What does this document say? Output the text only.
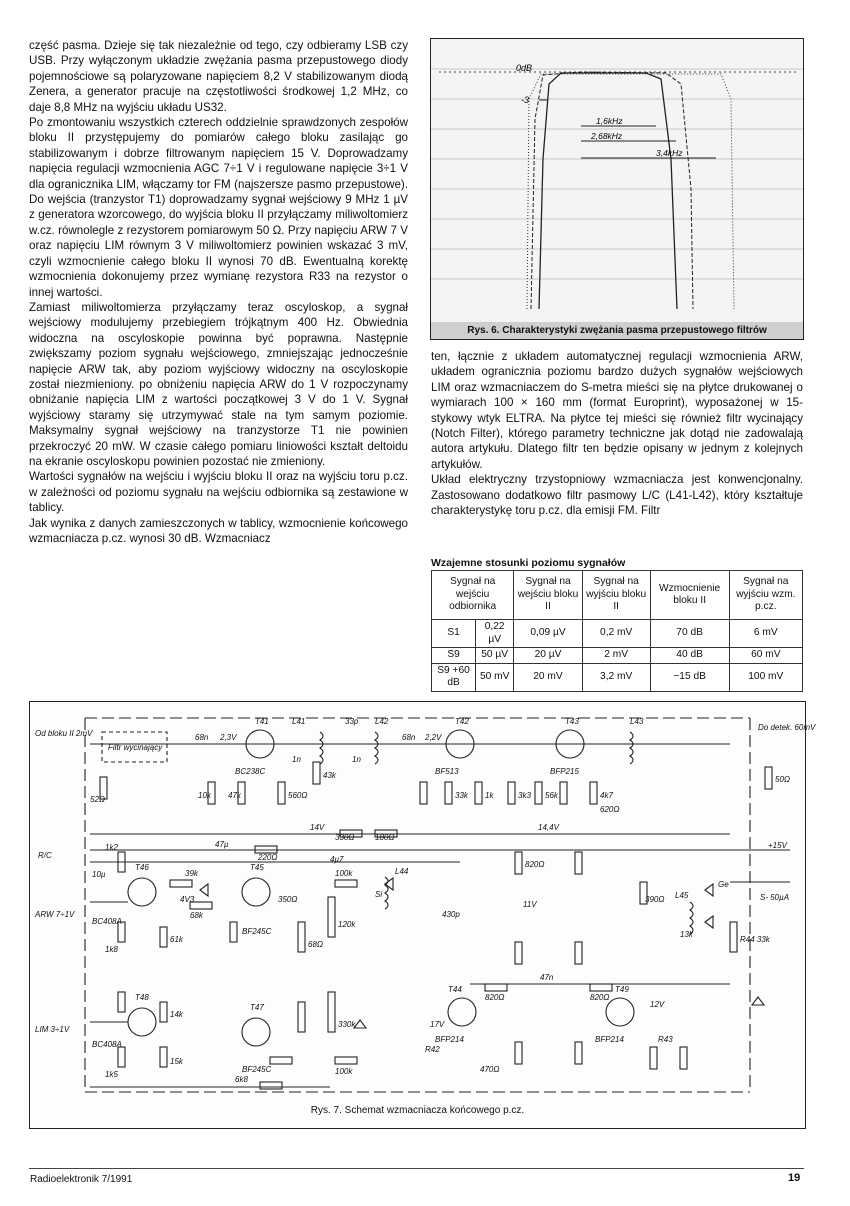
część pasma. Dzieje się tak niezależnie od tego, czy odbieramy LSB czy USB. Przy wyłączonym układzie zwężania pasma przepustowego diody pojemnościowe są polaryzowane napięciem 8,2 V stabilizowanym diodą Zenera, a generator pracuje na częstotliwości środkowej 1,2 MHz, co daje 8,8 MHz na wyjściu układu US32.

Po zmontowaniu wszystkich czterech oddzielnie sprawdzonych zespołów bloku II przystępujemy do pomiarów całego bloku zasilając go stabilizowanym i dobrze filtrowanym napięciem 15 V. Doprowadzamy napięcia regulacji wzmocnienia AGC 7÷1 V i regulowane napięcie 3÷1 V dla ogranicznika LIM, włączamy tor FM (najszersze pasmo przepustowe). Do wejścia (tranzystor T1) doprowadzamy sygnał wejściowy 9 MHz 1 µV z generatora wzorcowego, do wyjścia bloku II przyłączamy miliwoltomierz w.cz. równolegle z rezystorem pomiarowym 50 Ω. Przy napięciu ARW 7 V oraz napięciu LIM równym 3 V miliwoltomierz powinien wskazać 3 mV, czyli wzmocnienie całego bloku II wynosi 70 dB. Ewentualną korektę wzmocnienia dokonujemy przez wymianę rezystora R33 na rezystor o innej wartości.

Zamiast miliwoltomierza przyłączamy teraz oscyloskop, a sygnał wejściowy modulujemy przebiegiem trójkątnym 400 Hz. Obwiednia widoczna na oscyloskopie powinna być poprawna. Następnie zwiększamy poziom sygnału wejściowego, zmniejszając jednocześnie napięcie ARW tak, aby poziom wyjściowy widoczny na oscyloskopie został niezmieniony. po obniżeniu napięcia ARW do 1 V rozpoczynamy obniżanie napięcia LIM z wartości początkowej 3 V do 1 V. Sygnał wyjściowy staramy się utrzymywać stale na tym samym poziomie. Maksymalny sygnał wejściowy na tranzystorze T1 nie powinien przekroczyć 20 mW. W czasie całego pomiaru liniowości kształt deltoidu na ekranie oscyloskopu powinien pozostać nie zmieniony.

Wartości sygnałów na wejściu i wyjściu bloku II oraz na wyjściu toru p.cz. w zależności od poziomu sygnału na wejściu odbiornika są zestawione w tablicy.

Jak wynika z danych zamieszczonych w tablicy, wzmocnienie końcowego wzmacniacza p.cz. wynosi 30 dB. Wzmacniacz

0dB
-3
1,6kHz
2,68kHz
3,4kHz
Rys. 6. Charakterystyki zwężania pasma przepustowego filtrów

ten, łącznie z układem automatycznej regulacji wzmocnienia ARW, układem ogranicznia poziomu bardzo dużych sygnałów wejściowych LIM oraz wzmacniaczem do S-metra mieści się na płytce drukowanej o wymiarach 100 × 160 mm (format Europrint), wyposażonej w 15-stykowy wtyk ELTRA. Na płytce tej mieści się również filtr wycinający (Notch Filter), którego parametry techniczne jak dotąd nie zadowalają autora artykułu. Dlatego filtr ten będzie opisany w jednym z kolejnych artykułów.

Układ elektryczny trzystopniowy wzmacniacza jest konwencjonalny. Zastosowano dodatkowo filtr pasmowy L/C (L41-L42), który kształtuje charakterystykę toru p.cz. dla emisji FM. Filtr

Wzajemne stosunki poziomu sygnałów
Sygnał na wejściu odbiornika		Sygnał na wejściu bloku II	Sygnał na wyjściu bloku II	Wzmocnienie bloku II	Sygnał na wyjściu wzm. p.cz.
S1	0,22 µV	0,09 µV	0,2 mV	70 dB	6 mV
S9	50 µV	20 µV	2 mV	40 dB	60 mV
S9 +60 dB	50 mV	20 mV	3,2 mV	−15 dB	100 mV
Od bloku II 2mV
Filtr wycinający
Do detek. 60mV
+15V
R/C
ARW 7÷1V
LIM 3÷1V
S- 50µA
14V	14,4V
T41	T42	T43
T44
T45
T46
T47
T48
T49
BC238C	BF513	BFP215
BF245C
BF245C
BC408A
BC408A
BFP214	BFP214
L41	L42	L43
L44
L45
68n
33p
1n	1n
68n
47µ
10µ
4µ7
430p
47n
330Ω	180Ω
220Ω
39k
68k
100k
100k
350Ω
820Ω	820Ω
52Ω
50Ω
10k 47k	560Ω
43k
33k 1k	3k3 56k	4k7
820Ω
620Ω
1k2
1k8
1k5
61k
15k
14k
6k8
68Ω
120k
330k
11V
12V
17V
2,2V
2,3V
4V3
Si
Ge
R42
R43
R44 33k
470Ω
390Ω
13k
Rys. 7. Schemat wzmacniacza końcowego p.cz.
Radioelektronik 7/1991	19
